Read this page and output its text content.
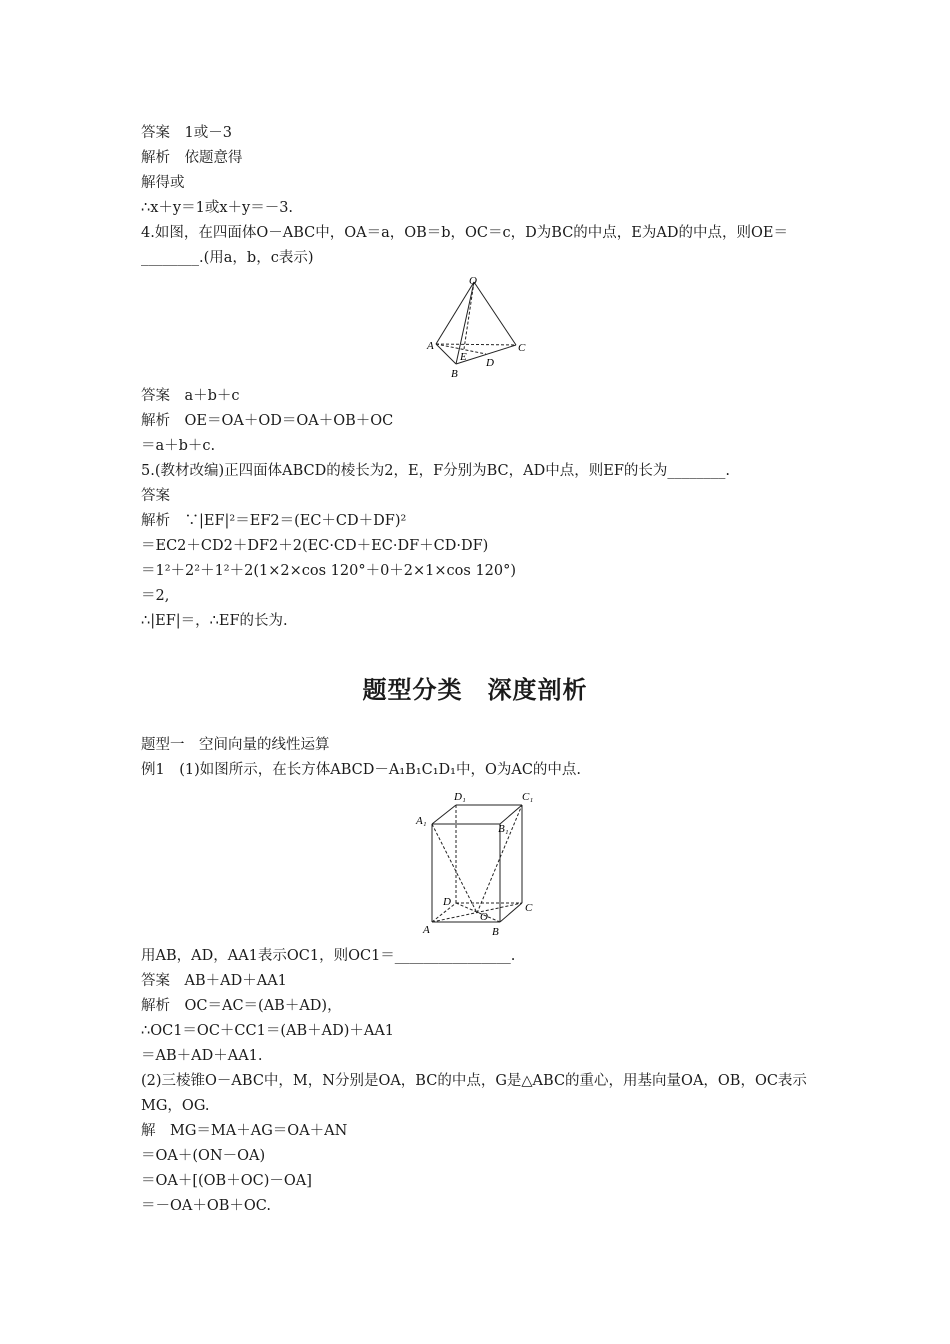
答案　1或－3
解析　依题意得
解得或
∴x＋y＝1或x＋y＝－3.
4.如图，在四面体O－ABC中，OA＝a，OB＝b，OC＝c，D为BC的中点，E为AD的中点，则OE＝
________.(用a，b，c表示)
O
A
B
C
D
E
答案　a＋b＋c
解析　OE＝OA＋OD＝OA＋OB＋OC
＝a＋b＋c.
5.(教材改编)正四面体ABCD的棱长为2，E，F分别为BC，AD中点，则EF的长为________.
答案
解析　∵|EF|²＝EF2＝(EC＋CD＋DF)²
＝EC2＋CD2＋DF2＋2(EC·CD＋EC·DF＋CD·DF)
＝1²＋2²＋1²＋2(1×2×cos 120°＋0＋2×1×cos 120°)
＝2,
∴|EF|＝，∴EF的长为.
题型分类　深度剖析
题型一　空间向量的线性运算
例1　(1)如图所示，在长方体ABCD－A₁B₁C₁D₁中，O为AC的中点.
D₁	C₁
A₁
B₁
D	C
A	B
O
用AB，AD，AA1表示OC1，则OC1＝________________.
答案　AB＋AD＋AA1
解析　OC＝AC＝(AB＋AD)，
∴OC1＝OC＋CC1＝(AB＋AD)＋AA1
＝AB＋AD＋AA1.
(2)三棱锥O－ABC中，M，N分别是OA，BC的中点，G是△ABC的重心，用基向量OA，OB，OC表示
MG，OG.
解　MG＝MA＋AG＝OA＋AN
＝OA＋(ON－OA)
＝OA＋[(OB＋OC)－OA]
＝－OA＋OB＋OC.
